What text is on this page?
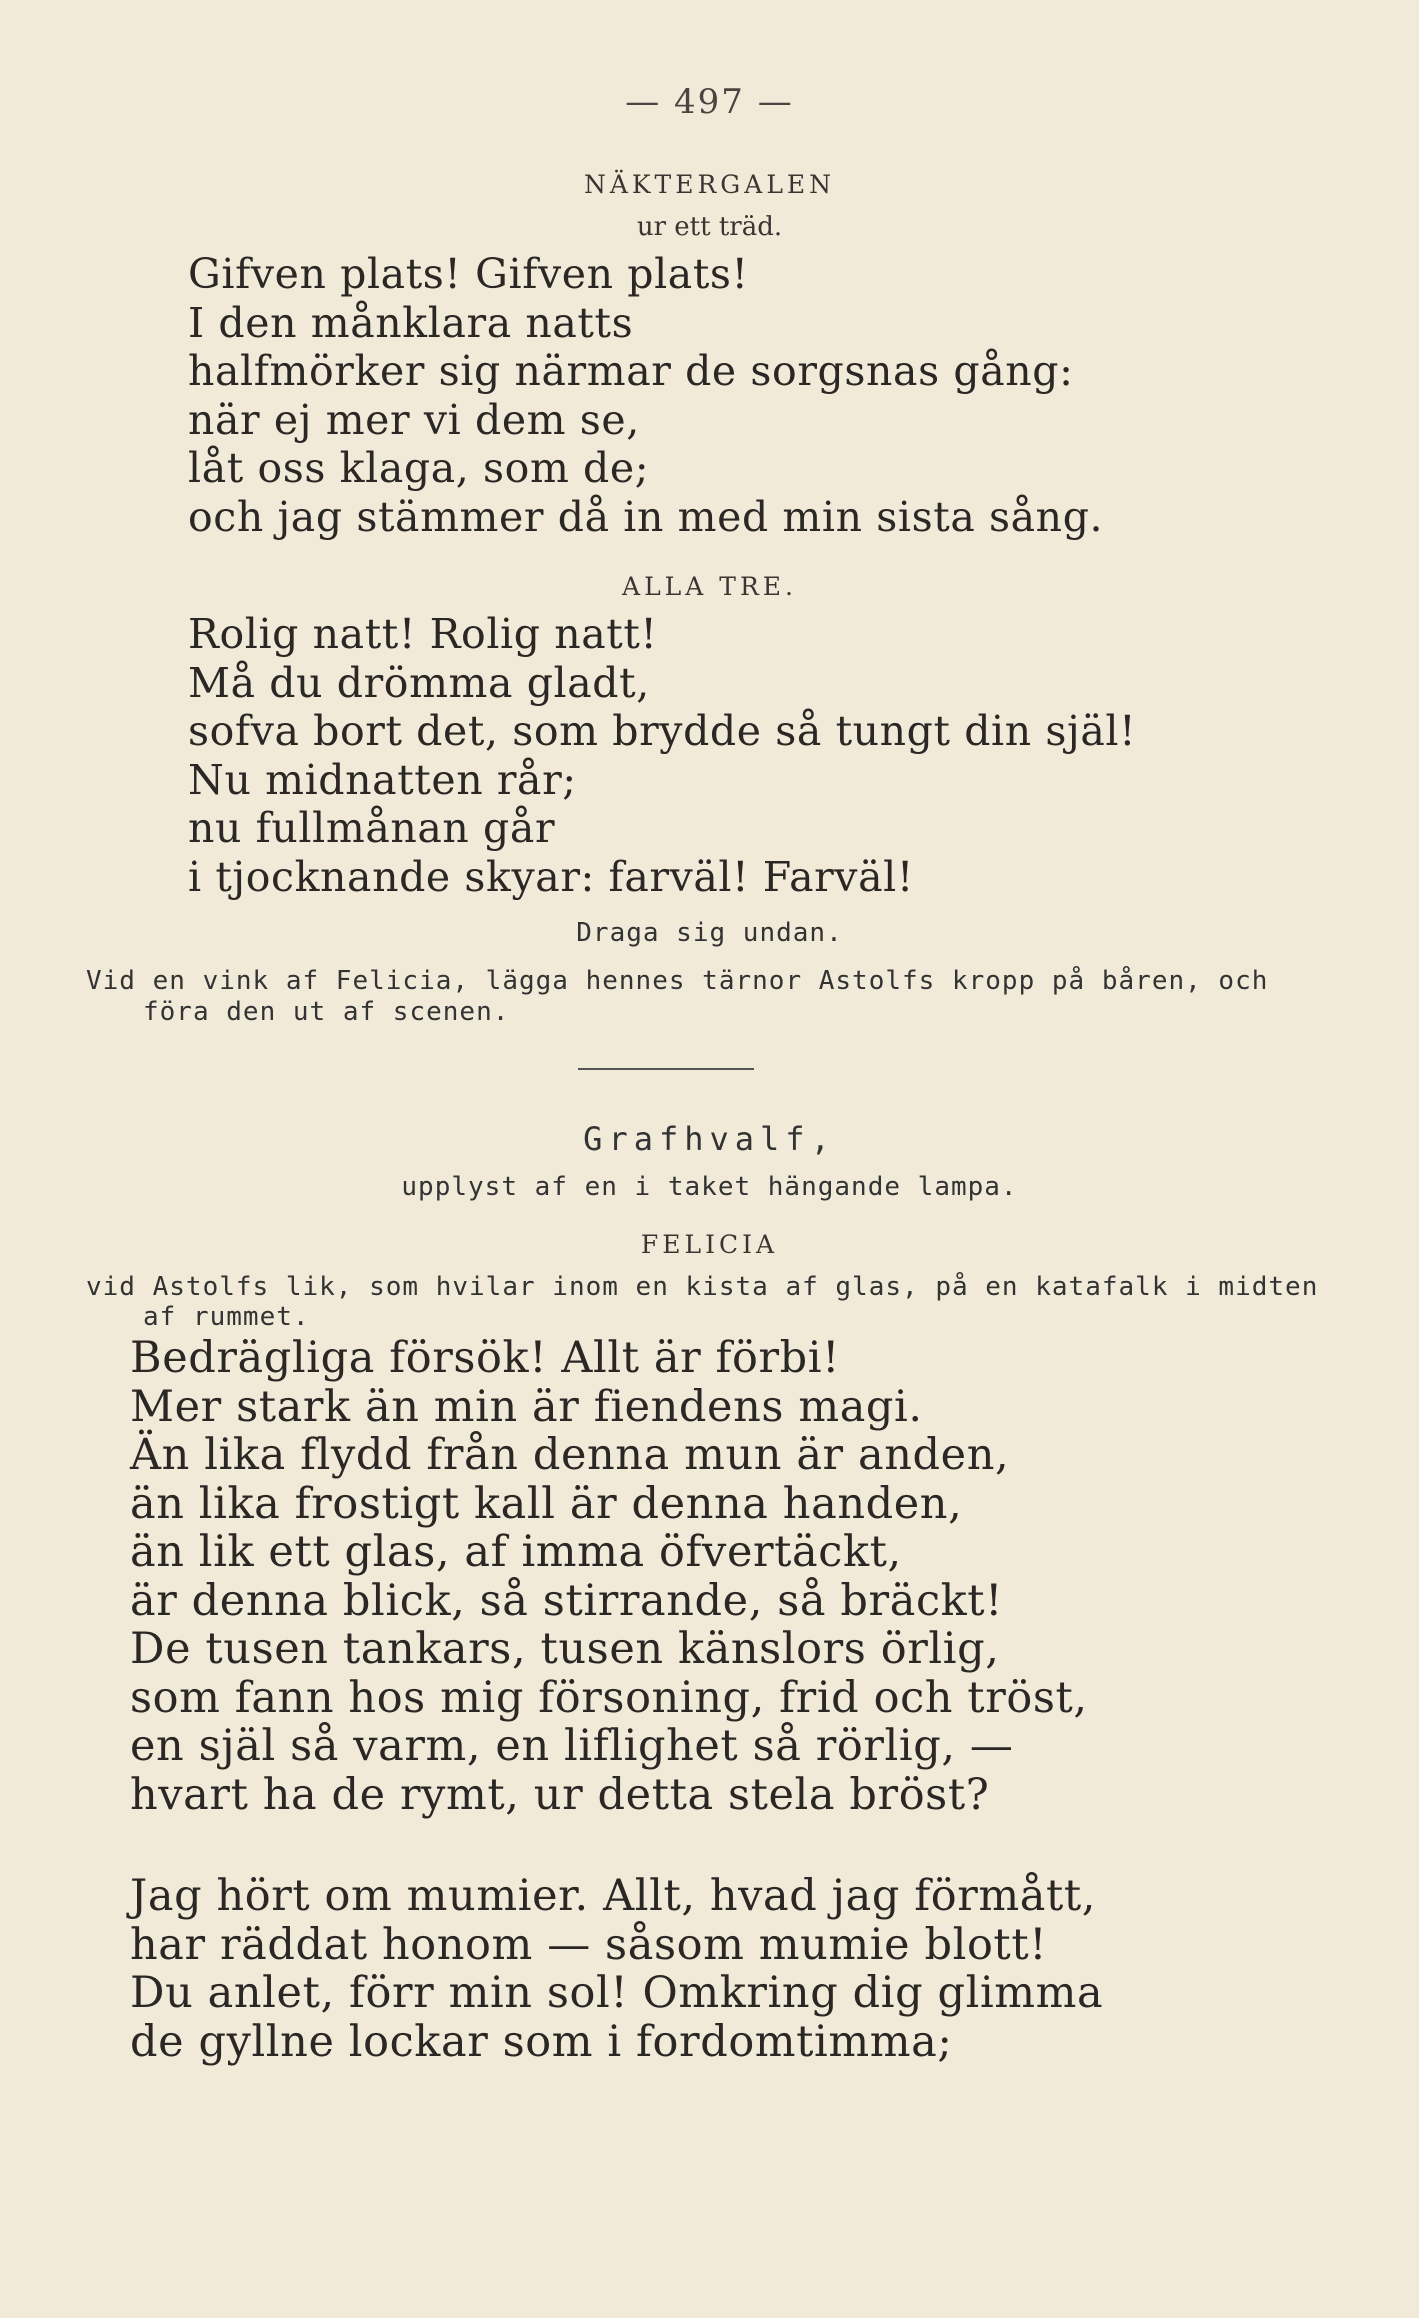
— 497 —
NÄKTERGALEN
ur ett träd.
Gifven plats! Gifven plats!
I den månklara natts
halfmörker sig närmar de sorgsnas gång:
när ej mer vi dem se,
låt oss klaga, som de;
och jag stämmer då in med min sista sång.
ALLA TRE.
Rolig natt! Rolig natt!
Må du drömma gladt,
sofva bort det, som brydde så tungt din själ!
Nu midnatten rår;
nu fullmånan går
i tjocknande skyar: farväl! Farväl!
Draga sig undan.
Vid en vink af Felicia, lägga hennes tärnor Astolfs kropp på båren, och
föra den ut af scenen.
Grafhvalf,
upplyst af en i taket hängande lampa.
FELICIA
vid Astolfs lik, som hvilar inom en kista af glas, på en katafalk i midten
af rummet.
Bedrägliga försök! Allt är förbi!
Mer stark än min är fiendens magi.
Än lika flydd från denna mun är anden,
än lika frostigt kall är denna handen,
än lik ett glas, af imma öfvertäckt,
är denna blick, så stirrande, så bräckt!
De tusen tankars, tusen känslors örlig,
som fann hos mig försoning, frid och tröst,
en själ så varm, en liflighet så rörlig, —
hvart ha de rymt, ur detta stela bröst?
Jag hört om mumier. Allt, hvad jag förmått,
har räddat honom — såsom mumie blott!
Du anlet, förr min sol! Omkring dig glimma
de gyllne lockar som i fordomtimma;
